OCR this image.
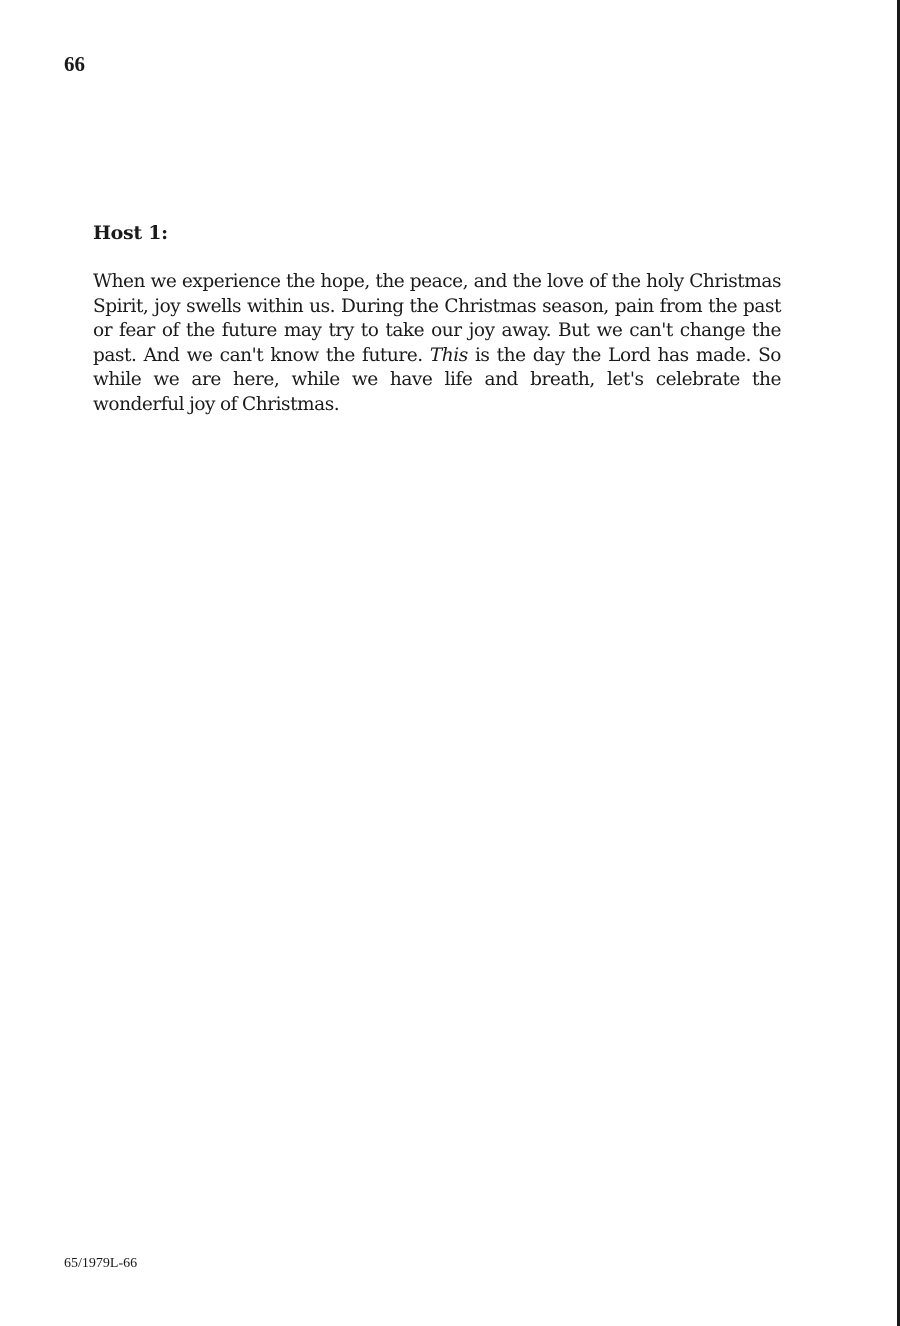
66
Host 1:

When we experience the hope, the peace, and the love of the holy Christmas Spirit, joy swells within us. During the Christmas season, pain from the past or fear of the future may try to take our joy away. But we can't change the past. And we can't know the future. This is the day the Lord has made. So while we are here, while we have life and breath, let's celebrate the wonderful joy of Christmas.

65/1979L-66
